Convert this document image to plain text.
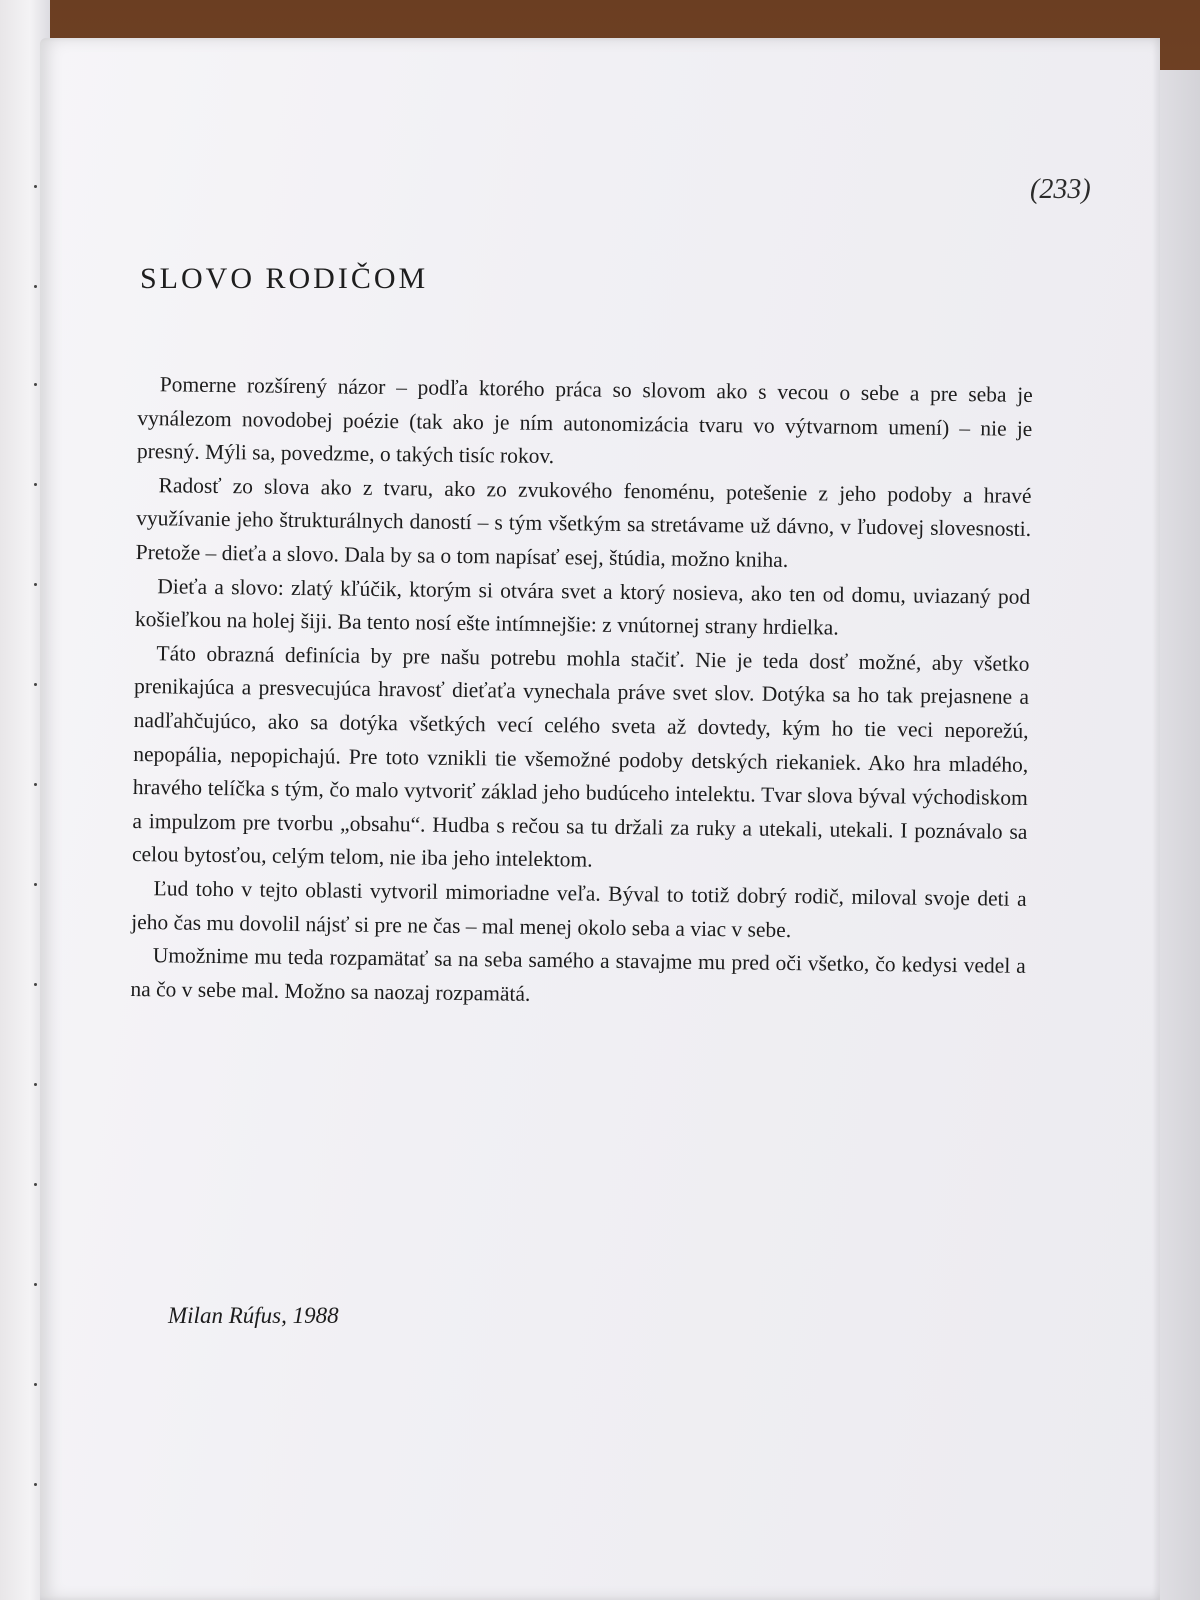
(233)
SLOVO RODIČOM

Pomerne rozšírený názor – podľa ktorého práca so slovom ako s vecou o sebe a pre seba je vynálezom novodobej poézie (tak ako je ním autonomizácia tvaru vo výtvarnom umení) – nie je presný. Mýli sa, povedzme, o takých tisíc rokov.

Radosť zo slova ako z tvaru, ako zo zvukového fenoménu, potešenie z jeho podoby a hravé využívanie jeho štrukturálnych daností – s tým všetkým sa stretávame už dávno, v ľudovej slovesnosti. Pretože – dieťa a slovo. Dala by sa o tom napísať esej, štúdia, možno kniha.

Dieťa a slovo: zlatý kľúčik, ktorým si otvára svet a ktorý nosieva, ako ten od domu, uviazaný pod košieľkou na holej šiji. Ba tento nosí ešte intímnejšie: z vnútornej strany hrdielka.

Táto obrazná definícia by pre našu potrebu mohla stačiť. Nie je teda dosť možné, aby všetko prenikajúca a presvecujúca hravosť dieťaťa vynechala práve svet slov. Dotýka sa ho tak prejasnene a nadľahčujúco, ako sa dotýka všetkých vecí celého sveta až dovtedy, kým ho tie veci neporežú, nepopália, nepopichajú. Pre toto vznikli tie všemožné podoby detských riekaniek. Ako hra mladého, hravého telíčka s tým, čo malo vytvoriť základ jeho budúceho intelektu. Tvar slova býval východiskom a impulzom pre tvorbu „obsahu“. Hudba s rečou sa tu držali za ruky a utekali, utekali. I poznávalo sa celou bytosťou, celým telom, nie iba jeho intelektom.

Ľud toho v tejto oblasti vytvoril mimoriadne veľa. Býval to totiž dobrý rodič, miloval svoje deti a jeho čas mu dovolil nájsť si pre ne čas – mal menej okolo seba a viac v sebe.

Umožnime mu teda rozpamätať sa na seba samého a stavajme mu pred oči všetko, čo kedysi vedel a na čo v sebe mal. Možno sa naozaj rozpamätá.

Milan Rúfus, 1988
